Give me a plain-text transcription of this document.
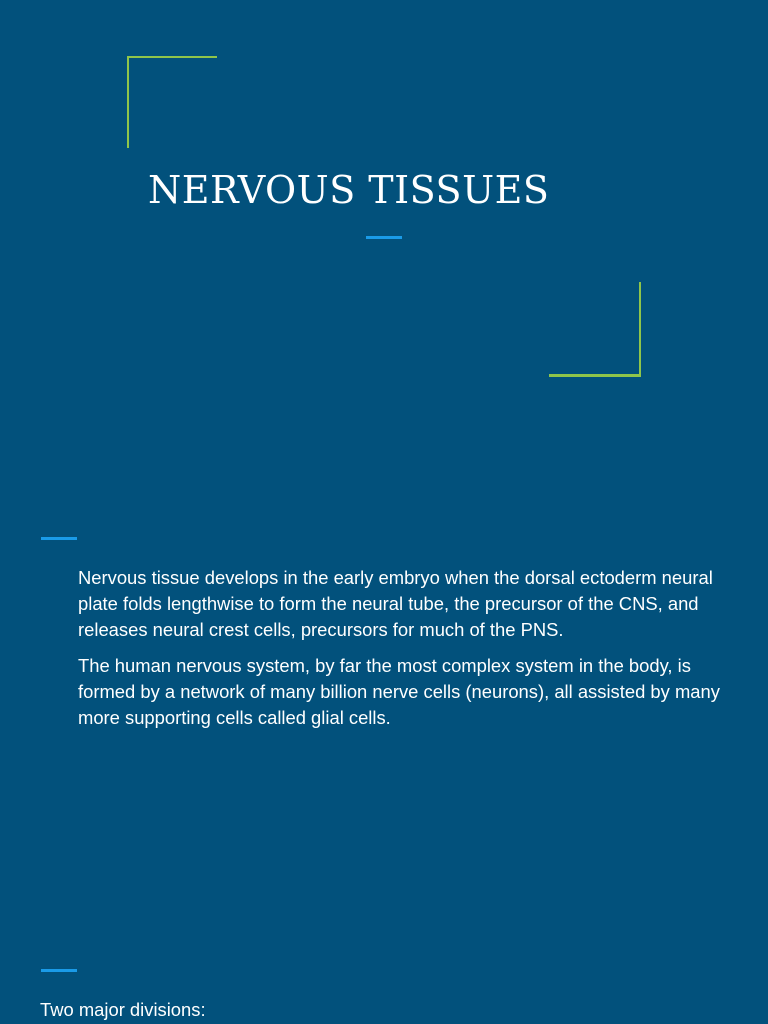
NERVOUS TISSUES

Nervous tissue develops in the early embryo when the dorsal ectoderm neural plate folds lengthwise to form the neural tube, the precursor of the CNS, and releases neural crest cells, precursors for much of the PNS.

The human nervous system, by far the most complex system in the body, is formed by a network of many billion nerve cells (neurons), all assisted by many more supporting cells called glial cells.

Two major divisions:
